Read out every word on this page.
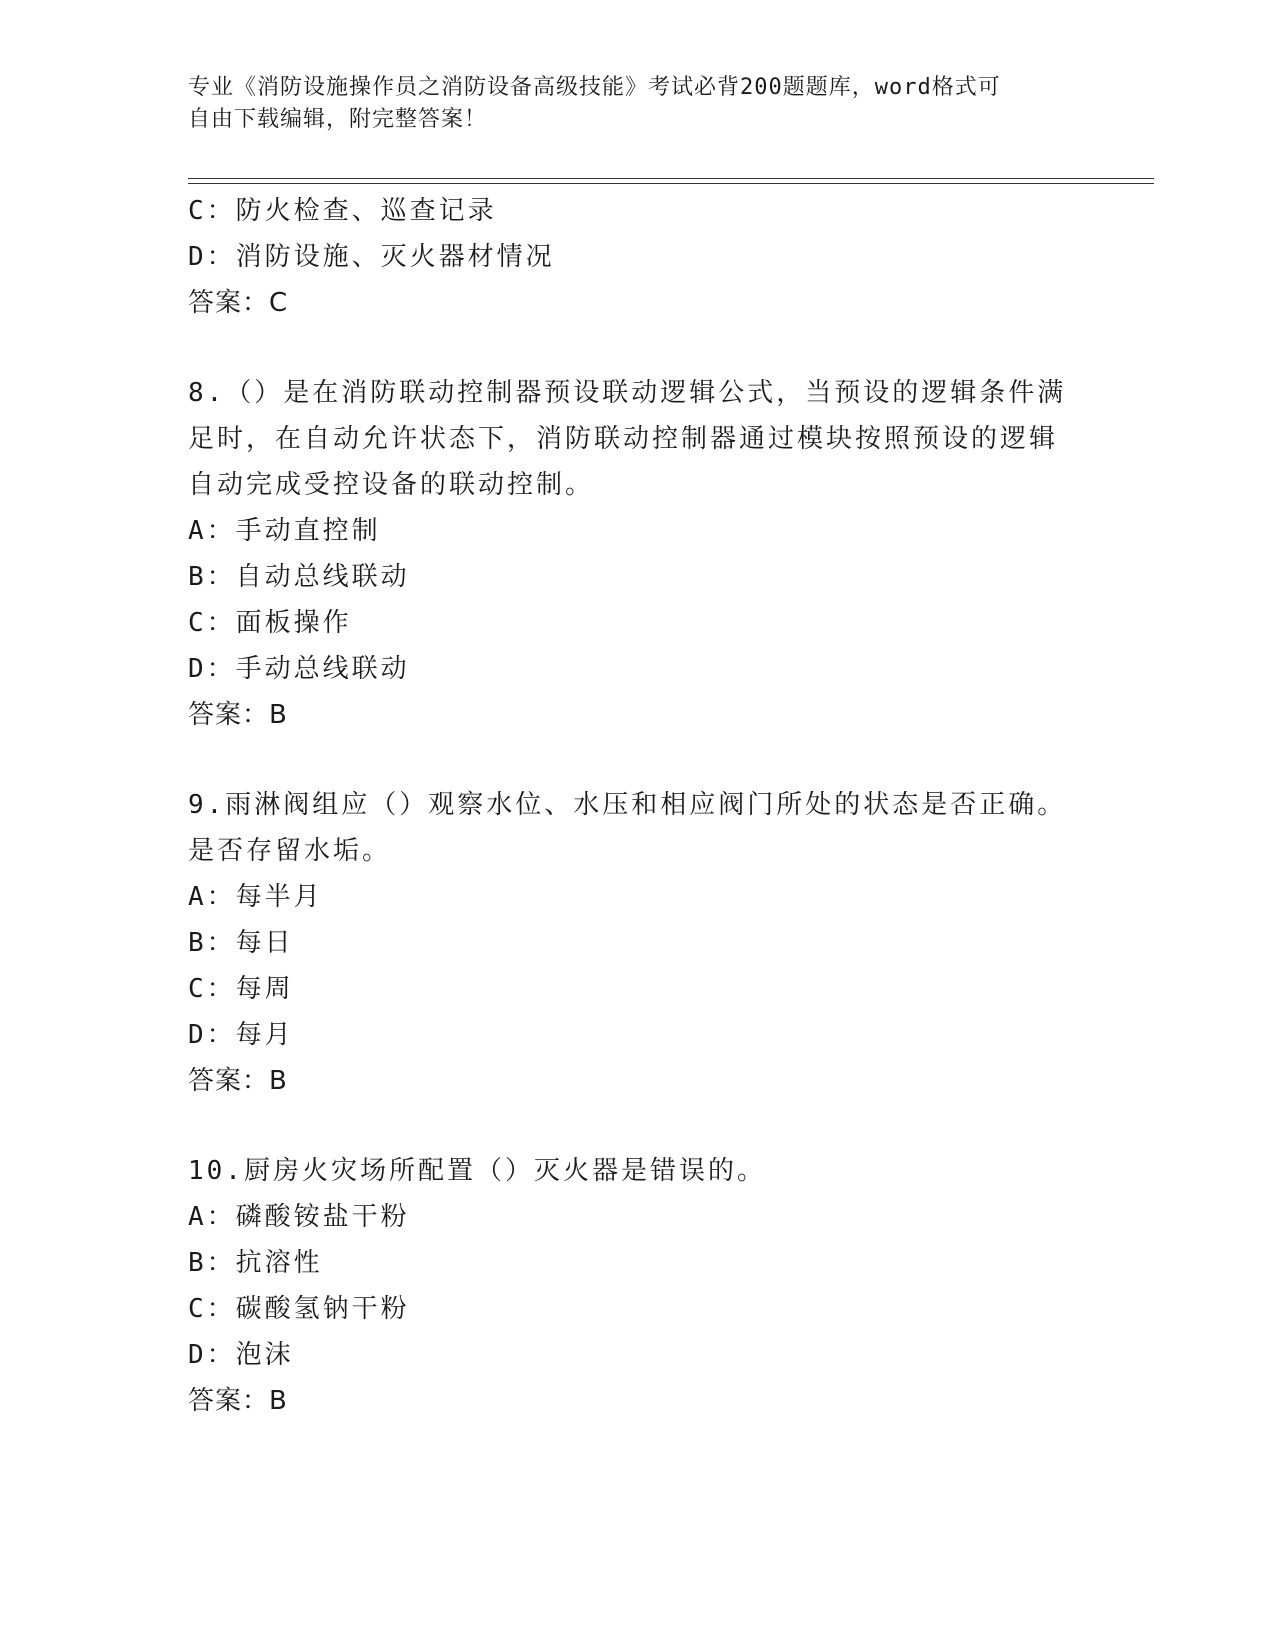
专业《消防设施操作员之消防设备高级技能》考试必背200题题库，word格式可
自由下载编辑，附完整答案！
C：防火检查、巡查记录
D：消防设施、灭火器材情况
答案：C
8.（）是在消防联动控制器预设联动逻辑公式，当预设的逻辑条件满
足时，在自动允许状态下，消防联动控制器通过模块按照预设的逻辑
自动完成受控设备的联动控制。
A：手动直控制
B：自动总线联动
C：面板操作
D：手动总线联动
答案：B
9.雨淋阀组应（）观察水位、水压和相应阀门所处的状态是否正确。
是否存留水垢。
A：每半月
B：每日
C：每周
D：每月
答案：B
10.厨房火灾场所配置（）灭火器是错误的。
A：磷酸铵盐干粉
B：抗溶性
C：碳酸氢钠干粉
D：泡沫
答案：B
